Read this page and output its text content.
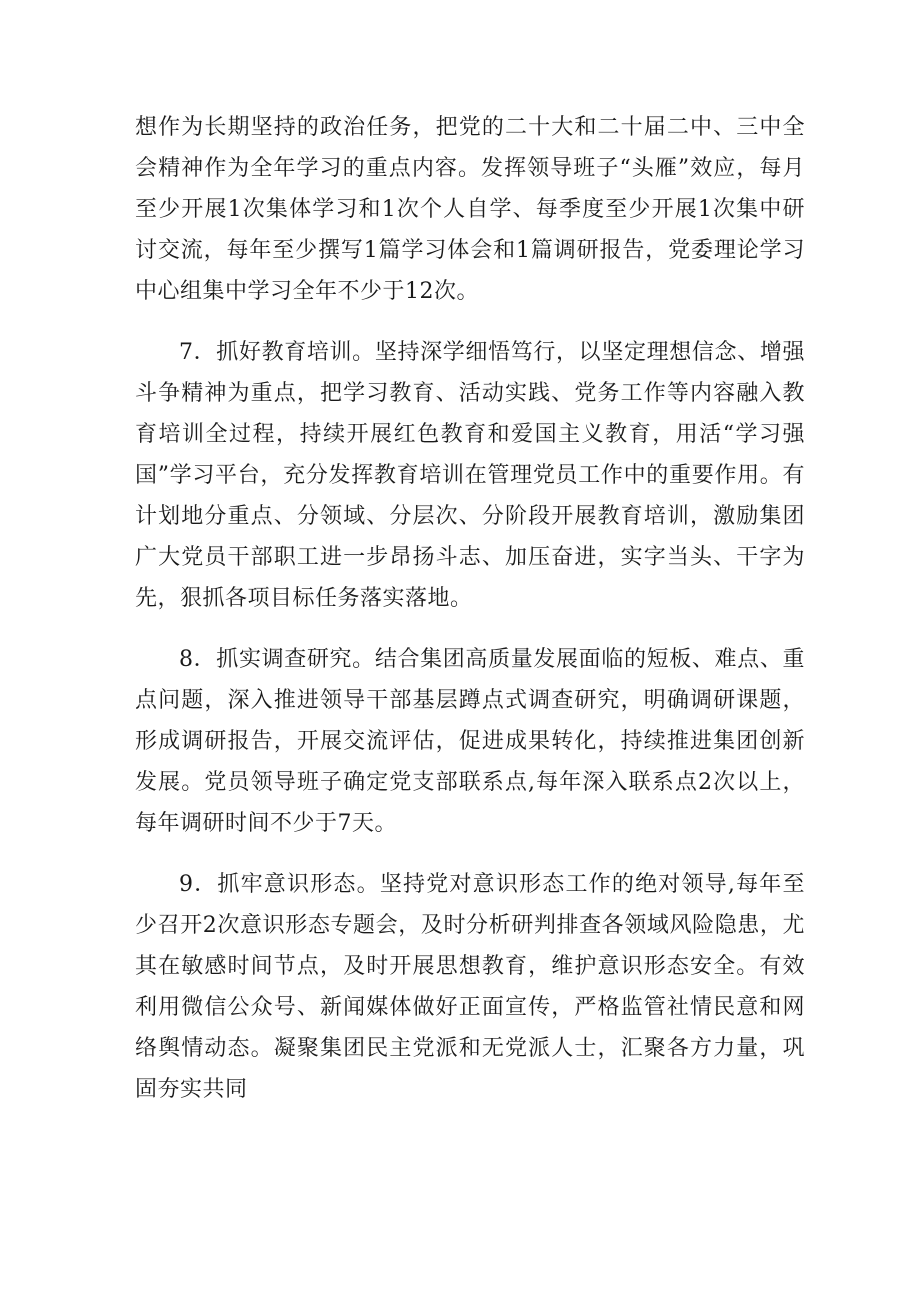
想作为长期坚持的政治任务，把党的二十大和二十届二中、三中全会精神作为全年学习的重点内容。发挥领导班子“头雁”效应，每月至少开展1次集体学习和1次个人自学、每季度至少开展1次集中研讨交流，每年至少撰写1篇学习体会和1篇调研报告，党委理论学习中心组集中学习全年不少于12次。

7．抓好教育培训。坚持深学细悟笃行，以坚定理想信念、增强斗争精神为重点，把学习教育、活动实践、党务工作等内容融入教育培训全过程，持续开展红色教育和爱国主义教育，用活“学习强国”学习平台，充分发挥教育培训在管理党员工作中的重要作用。有计划地分重点、分领域、分层次、分阶段开展教育培训，激励集团广大党员干部职工进一步昂扬斗志、加压奋进，实字当头、干字为先，狠抓各项目标任务落实落地。

8．抓实调查研究。结合集团高质量发展面临的短板、难点、重点问题，深入推进领导干部基层蹲点式调查研究，明确调研课题，形成调研报告，开展交流评估，促进成果转化，持续推进集团创新发展。党员领导班子确定党支部联系点,每年深入联系点2次以上，每年调研时间不少于7天。

9．抓牢意识形态。坚持党对意识形态工作的绝对领导,每年至少召开2次意识形态专题会，及时分析研判排查各领域风险隐患，尤其在敏感时间节点，及时开展思想教育，维护意识形态安全。有效利用微信公众号、新闻媒体做好正面宣传，严格监管社情民意和网络舆情动态。凝聚集团民主党派和无党派人士，汇聚各方力量，巩固夯实共同
